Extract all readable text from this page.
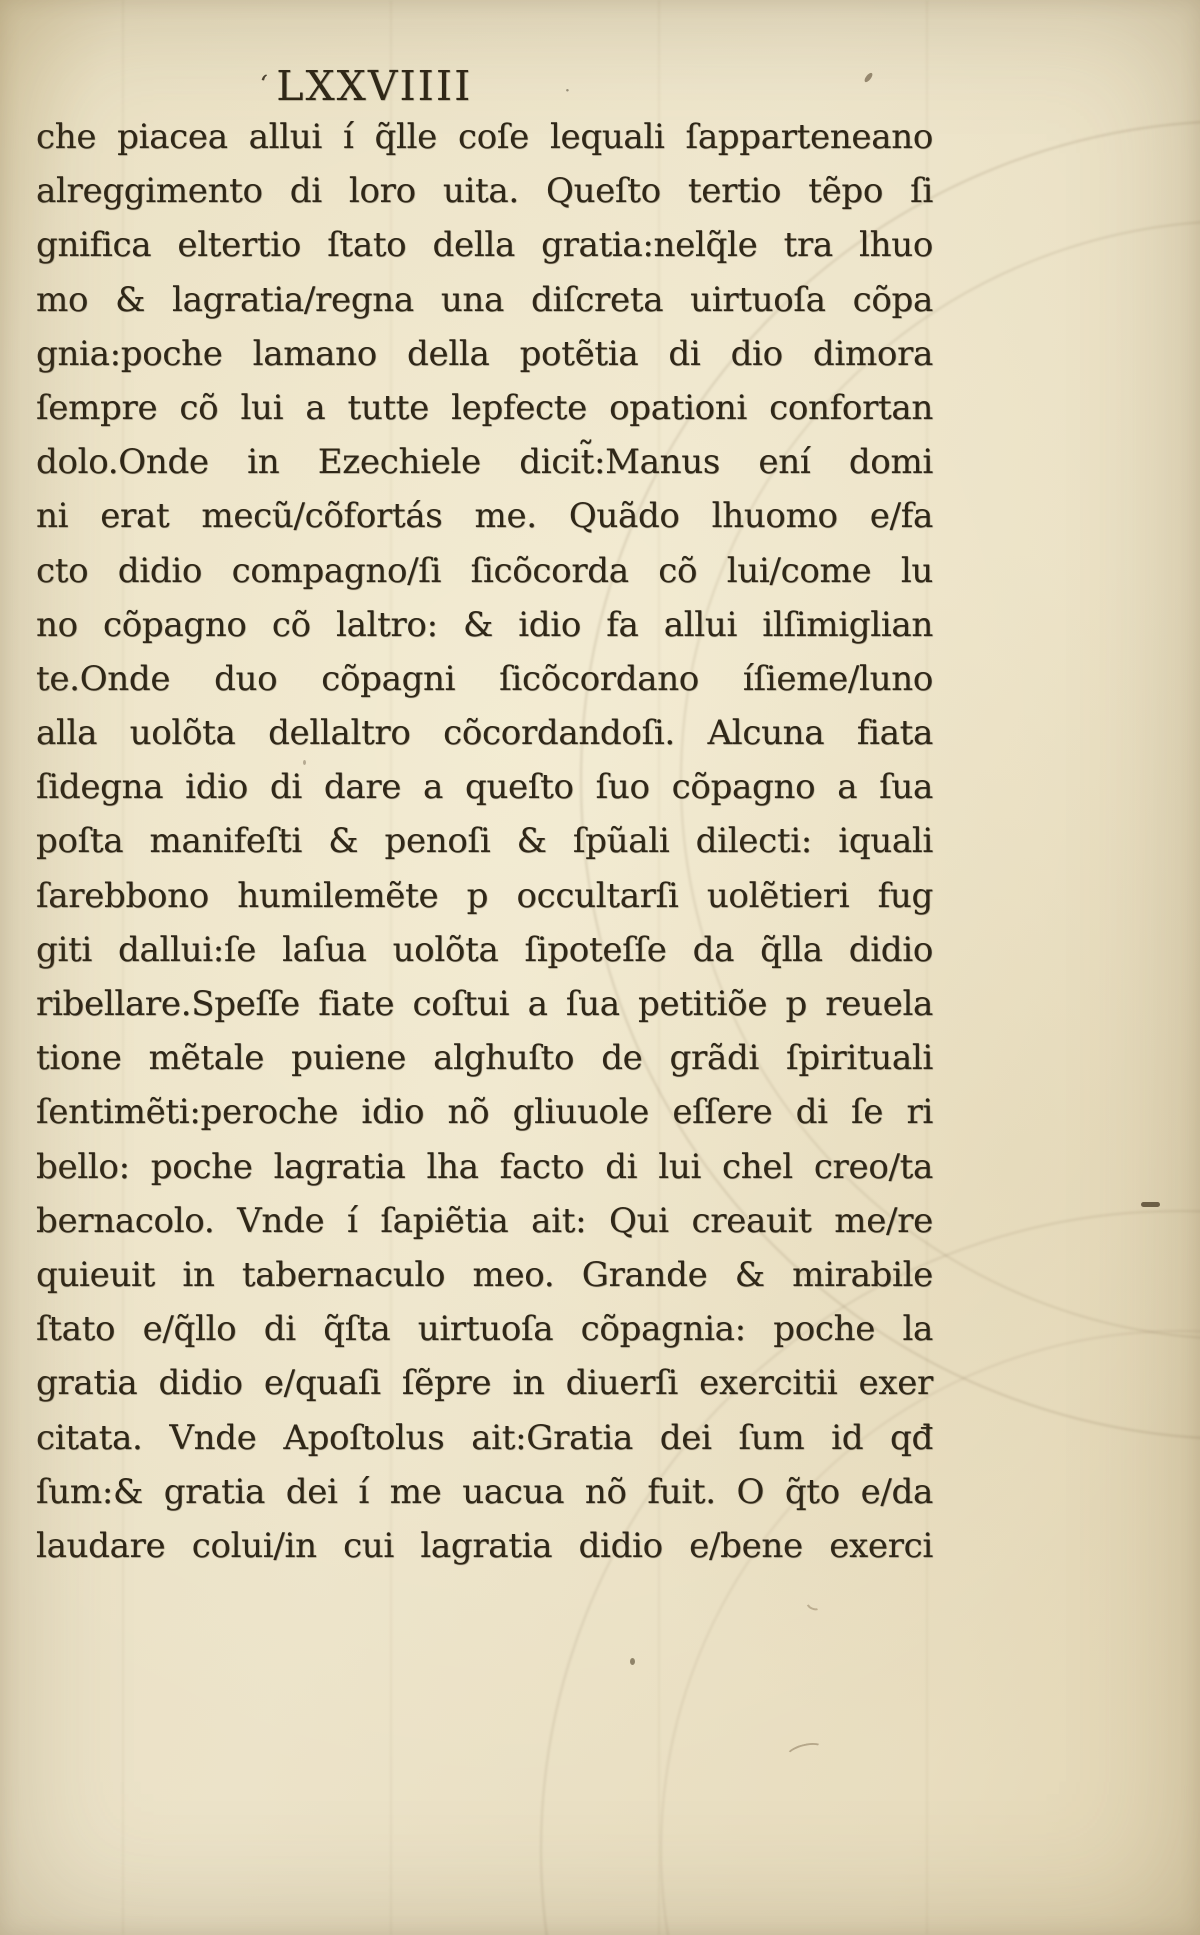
‘ LXXVIIII	·
che piacea allui í q̃lle coſe lequali ſapparteneano
alreggimento di loro uita. Queſto tertio tẽpo ſi
gnifica eltertio ſtato della gratia:nelq̃le tra lhuo
mo & lagratia/regna una diſcreta uirtuoſa cõpa
gnia:poche lamano della potẽtia di dio dimora
ſempre cõ lui a tutte lepfecte opationi confortan
dolo.Onde in Ezechiele dicit̃:Manus ení domi
ni erat mecũ/cõfortás me. Quãdo lhuomo e/fa
cto didio compagno/ſi ſicõcorda cõ lui/come lu
no cõpagno cõ laltro: & idio fa allui ilſimiglian
te.Onde duo cõpagni ſicõcordano íſieme/luno
alla uolõta dellaltro cõcordandoſi. Alcuna fiata
ſidegna idio di dare a queſto ſuo cõpagno a ſua
poſta manifeſti & penoſi & ſpũali dilecti: iquali
ſarebbono humilemẽte p occultarſi uolẽtieri fug
giti dallui:ſe laſua uolõta ſipoteſſe da q̃lla didio
ribellare.Speſſe fiate coſtui a ſua petitiõe p reuela
tione mẽtale puiene alghuſto de grãdi ſpirituali
ſentimẽti:peroche idio nõ gliuuole eſſere di ſe ri
bello: poche lagratia lha facto di lui chel creo/ta
bernacolo. Vnde í ſapiẽtia ait: Qui creauit me/re
quieuit in tabernaculo meo. Grande & mirabile
ſtato e/q̃llo di q̃ſta uirtuoſa cõpagnia: poche la
gratia didio e/quaſi ſẽpre in diuerſi exercitii exer
citata. Vnde Apoſtolus ait:Gratia dei ſum id qđ
ſum:& gratia dei í me uacua nõ fuit. O q̃to e/da
laudare colui/in cui lagratia didio e/bene exerci
